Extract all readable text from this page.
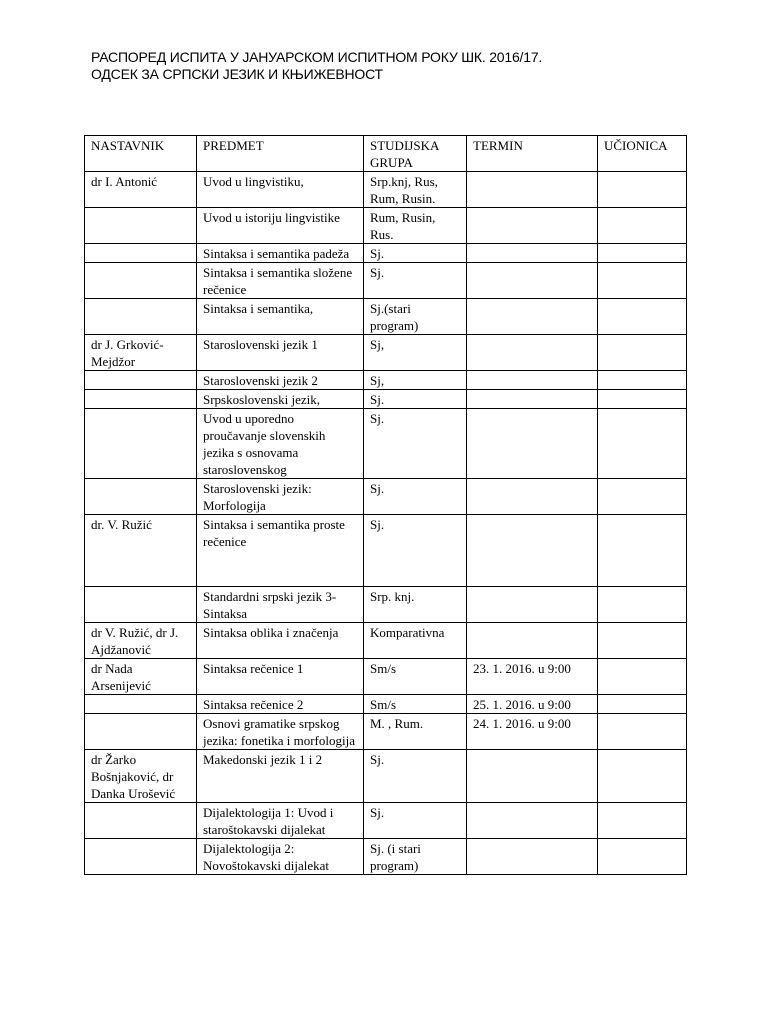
РАСПОРЕД ИСПИТА У ЈАНУАРСКОМ ИСПИТНОМ РОКУ ШК. 2016/17.
ОДСЕК ЗА СРПСКИ ЈЕЗИК И КЊИЖЕВНОСТ
NASTAVNIK	PREDMET	STUDIJSKA GRUPA	TERMIN	UČIONICA
dr I. Antonić	Uvod u lingvistiku,	Srp.knj, Rus, Rum, Rusin.		
	Uvod u istoriju lingvistike	Rum, Rusin, Rus.		
	Sintaksa i semantika padeža	Sj.		
	Sintaksa i semantika složene rečenice	Sj.		
	Sintaksa i semantika,	Sj.(stari program)		
dr J. Grković-Mejdžor	Staroslovenski jezik 1	Sj,		
	Staroslovenski jezik 2	Sj,		
	Srpskoslovenski jezik,	Sj.		
	Uvod u uporedno proučavanje slovenskih jezika s osnovama staroslovenskog	Sj.		
	Staroslovenski jezik: Morfologija	Sj.		
dr. V. Ružić	Sintaksa i semantika proste rečenice	Sj.		
	Standardni srpski jezik 3-Sintaksa	Srp. knj.		
dr V. Ružić, dr J. Ajdžanović	Sintaksa oblika i značenja	Komparativna		
dr Nada Arsenijević	Sintaksa rečenice 1	Sm/s	23. 1. 2016. u 9:00	
	Sintaksa rečenice 2	Sm/s	25. 1. 2016. u 9:00	
	Osnovi gramatike srpskog jezika: fonetika i morfologija	M. , Rum.	24. 1. 2016. u 9:00	
dr Žarko Bošnjaković, dr Danka Urošević	Makedonski jezik 1 i 2	Sj.		
	Dijalektologija 1: Uvod i staroštokavski dijalekat	Sj.		
	Dijalektologija 2: Novoštokavski dijalekat	Sj. (i stari program)		
